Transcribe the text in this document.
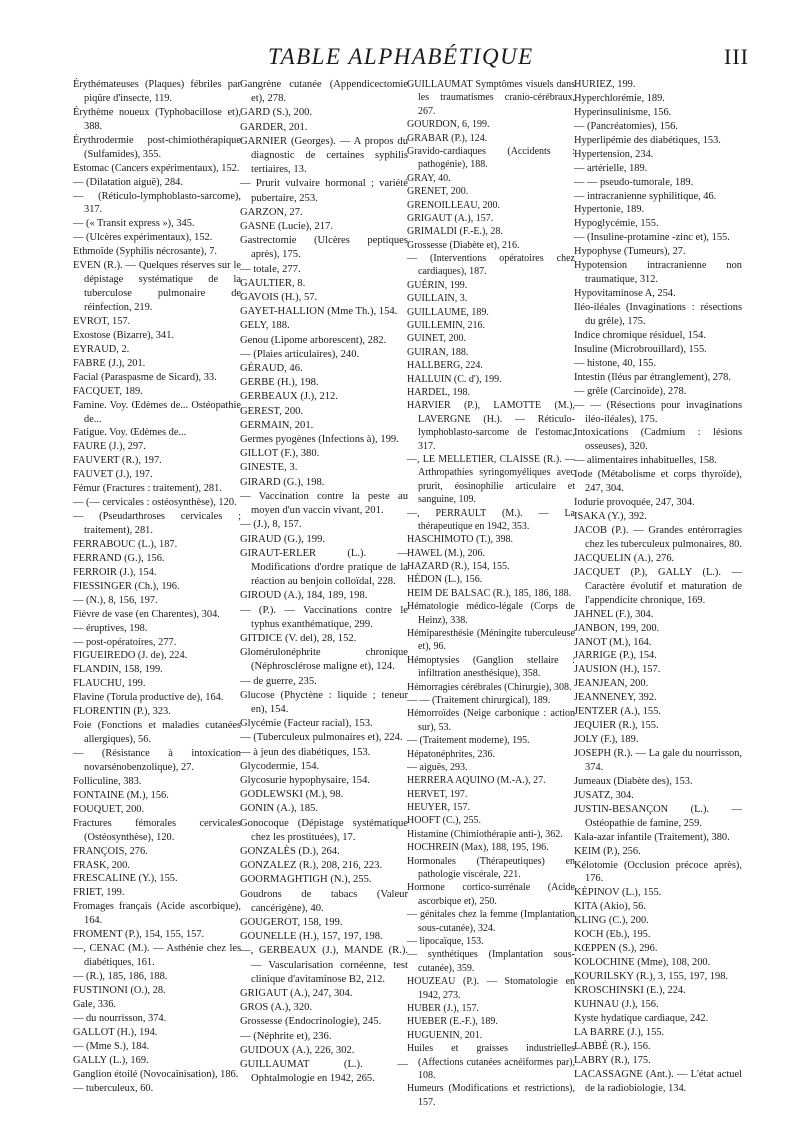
TABLE ALPHABÉTIQUE	III

Érythémateuses (Plaques) fébriles par piqûre d'insecte, 119.

Érythème noueux (Typhobacillose et), 388.

Érythrodermie post-chimiothérapique (Sulfamides), 355.

Estomac (Cancers expérimentaux), 152.

— (Dilatation aiguë), 284.

— (Réticulo-lymphoblasto-sarcome), 317.

— (« Transit express »), 345.

— (Ulcères expérimentaux), 152.

Ethmoïde (Syphilis nécrosante), 7.

EVEN (R.). — Quelques réserves sur le dépistage systématique de la tuberculose pulmonaire de réinfection, 219.

EVROT, 157.

Exostose (Bizarre), 341.

EYRAUD, 2.

FABRE (J.), 201.

Facial (Paraspasme de Sicard), 33.

FACQUET, 189.

Famine. Voy. Œdèmes de... Ostéopathie de...

Fatigue. Voy. Œdèmes de...

FAURE (J.), 297.

FAUVERT (R.), 197.

FAUVET (J.), 197.

Fémur (Fractures : traitement), 281.

— (— cervicales : ostéosynthèse), 120.

— (Pseudarthroses cervicales ; traitement), 281.

FERRABOUC (L.), 187.

FERRAND (G.), 156.

FERROIR (J.), 154.

FIESSINGER (Ch.), 196.

— (N.), 8, 156, 197.

Fièvre de vase (en Charentes), 304.

— éruptives, 198.

— post-opératoires, 277.

FIGUEIREDO (J. de), 224.

FLANDIN, 158, 199.

FLAUCHU, 199.

Flavine (Torula productive de), 164.

FLORENTIN (P.), 323.

Foie (Fonctions et maladies cutanées allergiques), 56.

— (Résistance à intoxication novarsénobenzolique), 27.

Folliculine, 383.

FONTAINE (M.), 156.

FOUQUET, 200.

Fractures fémorales cervicales (Ostéosynthèse), 120.

FRANÇOIS, 276.

FRASK, 200.

FRESCALINE (Y.), 155.

FRIET, 199.

Fromages français (Acide ascorbique), 164.

FROMENT (P.), 154, 155, 157.

—, CENAC (M.). — Asthénie chez les diabétiques, 161.

— (R.), 185, 186, 188.

FUSTINONI (O.), 28.

Gale, 336.

— du nourrisson, 374.

GALLOT (H.), 194.

— (Mme S.), 184.

GALLY (L.), 169.

Ganglion étoilé (Novocaïnisation), 186.

— tuberculeux, 60.

Gangrène cutanée (Appendicectomie et), 278.

GARD (S.), 200.

GARDER, 201.

GARNIER (Georges). — A propos du diagnostic de certaines syphilis tertiaires, 13.

— Prurit vulvaire hormonal ; variété pubertaire, 253.

GARZON, 27.

GASNE (Lucie), 217.

Gastrectomie (Ulcères peptiques après), 175.

— totale, 277.

GAULTIER, 8.

GAVOIS (H.), 57.

GAYET-HALLION (Mme Th.), 154.

GELY, 188.

Genou (Lipome arborescent), 282.

— (Plaies articulaires), 240.

GÉRAUD, 46.

GERBE (H.), 198.

GERBEAUX (J.), 212.

GEREST, 200.

GERMAIN, 201.

Germes pyogènes (Infections à), 199.

GILLOT (F.), 380.

GINESTE, 3.

GIRARD (G.), 198.

— Vaccination contre la peste au moyen d'un vaccin vivant, 201.

— (J.), 8, 157.

GIRAUD (G.), 199.

GIRAUT-ERLER (L.). — Modifications d'ordre pratique de la réaction au benjoin colloïdal, 228.

GIROUD (A.), 184, 189, 198.

— (P.). — Vaccinations contre le typhus exanthématique, 299.

GITDICE (V. del), 28, 152.

Glomérulonéphrite chronique (Néphrosclérose maligne et), 124.

— de guerre, 235.

Glucose (Phyctène : liquide ; teneur en), 154.

Glycémie (Facteur racial), 153.

— (Tuberculeux pulmonaires et), 224.

— à jeun des diabétiques, 153.

Glycodermie, 154.

Glycosurie hypophysaire, 154.

GODLEWSKI (M.), 98.

GONIN (A.), 185.

Gonocoque (Dépistage systématique chez les prostituées), 17.

GONZALÈS (D.), 264.

GONZALEZ (R.), 208, 216, 223.

GOORMAGHTIGH (N.), 255.

Goudrons de tabacs (Valeur cancérigène), 40.

GOUGEROT, 158, 199.

GOUNELLE (H.), 157, 197, 198.

—, GERBEAUX (J.), MANDE (R.). — Vascularisation cornéenne, test clinique d'avitaminose B2, 212.

GRIGAUT (A.), 247, 304.

GROS (A.), 320.

Grossesse (Endocrinologie), 245.

— (Néphrite et), 236.

GUIDOUX (A.), 226, 302.

GUILLAUMAT (L.). — Ophtalmologie en 1942, 265.

GUILLAUMAT Symptômes visuels dans les traumatismes cranio-cérébraux, 267.

GOURDON, 6, 199.

GRABAR (P.), 124.

Gravido-cardiaques (Accidents : pathogénie), 188.

GRAY, 40.

GRENET, 200.

GRENOILLEAU, 200.

GRIGAUT (A.), 157.

GRIMALDI (F.-E.), 28.

Grossesse (Diabète et), 216.

— (Interventions opératoires chez cardiaques), 187.

GUÉRIN, 199.

GUILLAIN, 3.

GUILLAUME, 189.

GUILLEMIN, 216.

GUINET, 200.

GUIRAN, 188.

HALLBERG, 224.

HALLUIN (C. d'), 199.

HARDEL, 198.

HARVIER (P.), LAMOTTE (M.), LAVERGNE (H.). — Réticulo-lymphoblasto-sarcome de l'estomac, 317.

—, LE MELLETIER, CLAISSE (R.). — Arthropathies syringomyéliques avec prurit, éosinophilie articulaire et sanguine, 109.

—, PERRAULT (M.). — La thérapeutique en 1942, 353.

HASCHIMOTO (T.), 398.

HAWEL (M.), 206.

HAZARD (R.), 154, 155.

HÉDON (L.), 156.

HEIM DE BALSAC (R.), 185, 186, 188.

Hématologie médico-légale (Corps de Heinz), 338.

Hémiparesthésie (Méningite tuberculeuse et), 96.

Hémoptysies (Ganglion stellaire : infiltration anesthésique), 358.

Hémorragies cérébrales (Chirurgie), 308.

— — (Traitement chirurgical), 189.

Hémorroïdes (Neige carbonique : action sur), 53.

— (Traitement moderne), 195.

Hépatonéphrites, 236.

— aiguës, 293.

HERRERA AQUINO (M.-A.), 27.

HERVET, 197.

HEUYER, 157.

HOOFT (C.), 255.

Histamine (Chimiothérapie anti-), 362.

HOCHREIN (Max), 188, 195, 196.

Hormonales (Thérapeutiques) en pathologie viscérale, 221.

Hormone cortico-surrénale (Acide ascorbique et), 250.

— génitales chez la femme (Implantation sous-cutanée), 324.

— lipocaïque, 153.

— synthétiques (Implantation sous-cutanée), 359.

HOUZEAU (P.). — Stomatologie en 1942, 273.

HUBER (J.), 157.

HUEBER (E.-F.), 189.

HUGUENIN, 201.

Huiles et graisses industrielles (Affections cutanées acnéiformes par), 108.

Humeurs (Modifications et restrictions), 157.

HURIEZ, 199.

Hyperchlorémie, 189.

Hyperinsulinisme, 156.

— (Pancréatomies), 156.

Hyperlipémie des diabétiques, 153.

Hypertension, 234.

— artérielle, 189.

— — pseudo-tumorale, 189.

— intracranienne syphilitique, 46.

Hypertonie, 189.

Hypoglycémie, 155.

— (Insuline-protamine -zinc et), 155.

Hypophyse (Tumeurs), 27.

Hypotension intracranienne non traumatique, 312.

Hypovitaminose A, 254.

Iléo-iléales (Invaginations : résections du grêle), 175.

Indice chromique résiduel, 154.

Insuline (Microbrouillard), 155.

— histone, 40, 155.

Intestin (Iléus par étranglement), 278.

— grêle (Carcinoïde), 278.

— — (Résections pour invaginations iléo-iléales), 175.

Intoxications (Cadmium : lésions osseuses), 320.

— alimentaires inhabituelles, 158.

Iode (Métabolisme et corps thyroïde), 247, 304.

Iodurie provoquée, 247, 304.

ISAKA (Y.), 392.

JACOB (P.). — Grandes entérorragies chez les tuberculeux pulmonaires, 80.

JACQUELIN (A.), 276.

JACQUET (P.), GALLY (L.). — Caractère évolutif et maturation de l'appendicite chronique, 169.

JAHNEL (F.), 304.

JANBON, 199, 200.

JANOT (M.), 164.

JARRIGE (P.), 154.

JAUSION (H.), 157.

JEANJEAN, 200.

JEANNENEY, 392.

JENTZER (A.), 155.

JEQUIER (R.), 155.

JOLY (F.), 189.

JOSEPH (R.). — La gale du nourrisson, 374.

Jumeaux (Diabète des), 153.

JUSATZ, 304.

JUSTIN-BESANÇON (L.). — Ostéopathie de famine, 259.

Kala-azar infantile (Traitement), 380.

KEIM (P.), 256.

Kélotomie (Occlusion précoce après), 176.

KÉPINOV (L.), 155.

KITA (Akio), 56.

KLING (C.), 200.

KOCH (Eb.), 195.

KŒPPEN (S.), 296.

KOLOCHINE (Mme), 108, 200.

KOURILSKY (R.), 3, 155, 197, 198.

KROSCHINSKI (E.), 224.

KUHNAU (J.), 156.

Kyste hydatique cardiaque, 242.

LA BARRE (J.), 155.

LABBÉ (R.), 156.

LABRY (R.), 175.

LACASSAGNE (Ant.). — L'état actuel de la radiobiologie, 134.
